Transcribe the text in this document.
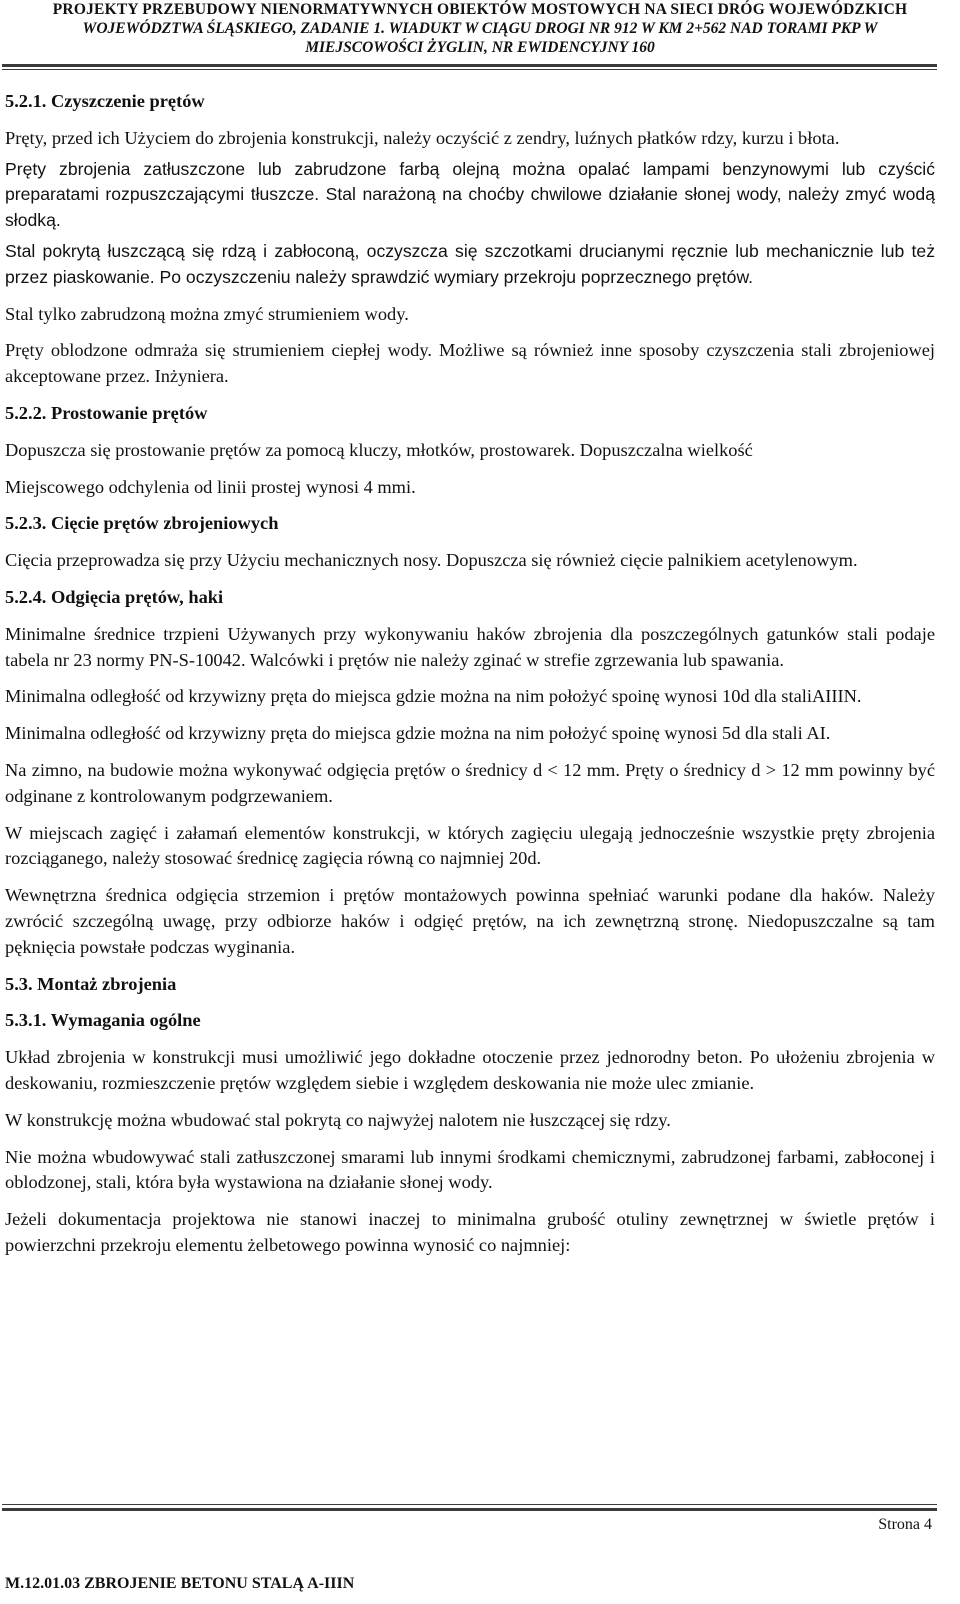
PROJEKTY PRZEBUDOWY NIENORMATYWNYCH OBIEKTÓW MOSTOWYCH NA SIECI DRÓG WOJEWÓDZKICH
WOJEWÓDZTWA ŚLĄSKIEGO, ZADANIE 1. WIADUKT W CIĄGU DROGI NR 912 W KM 2+562 NAD TORAMI PKP W
MIEJSCOWOŚCI ŻYGLIN, NR EWIDENCYJNY 160
5.2.1. Czyszczenie prętów

Pręty, przed ich Użyciem do zbrojenia konstrukcji, należy oczyścić z zendry, luźnych płatków rdzy, kurzu i błota.

Pręty zbrojenia zatłuszczone lub zabrudzone farbą olejną można opalać lampami benzynowymi lub czyścić preparatami rozpuszczającymi tłuszcze. Stal narażoną na choćby chwilowe działanie słonej wody, należy zmyć wodą słodką.

Stal pokrytą łuszczącą się rdzą i zabłoconą, oczyszcza się szczotkami drucianymi ręcznie lub mechanicznie lub też przez piaskowanie. Po oczyszczeniu należy sprawdzić wymiary przekroju poprzecznego prętów.

Stal tylko zabrudzoną można zmyć strumieniem wody.

Pręty oblodzone odmraża się strumieniem ciepłej wody. Możliwe są również inne sposoby czyszczenia stali zbrojeniowej akceptowane przez. Inżyniera.

5.2.2. Prostowanie prętów

Dopuszcza się prostowanie prętów za pomocą kluczy, młotków, prostowarek. Dopuszczalna wielkość

Miejscowego odchylenia od linii prostej wynosi 4 mmi.

5.2.3. Cięcie prętów zbrojeniowych

Cięcia przeprowadza się przy Użyciu mechanicznych nosy. Dopuszcza się również cięcie palnikiem acetylenowym.

5.2.4. Odgięcia prętów, haki

Minimalne średnice trzpieni Używanych przy wykonywaniu haków zbrojenia dla poszczególnych gatunków stali podaje tabela nr 23 normy PN-S-10042. Walcówki i prętów nie należy zginać w strefie zgrzewania lub spawania.

Minimalna odległość od krzywizny pręta do miejsca gdzie można na nim położyć spoinę wynosi 10d dla staliAIIIN.

Minimalna odległość od krzywizny pręta do miejsca gdzie można na nim położyć spoinę wynosi 5d dla stali AI.

Na zimno, na budowie można wykonywać odgięcia prętów o średnicy d < 12 mm. Pręty o średnicy d > 12 mm powinny być odginane z kontrolowanym podgrzewaniem.

W miejscach zagięć i załamań elementów konstrukcji, w których zagięciu ulegają jednocześnie wszystkie pręty zbrojenia rozciąganego, należy stosować średnicę zagięcia równą co najmniej 20d.

Wewnętrzna średnica odgięcia strzemion i prętów montażowych powinna spełniać warunki podane dla haków. Należy zwrócić szczególną uwagę, przy odbiorze haków i odgięć prętów, na ich zewnętrzną stronę. Niedopuszczalne są tam pęknięcia powstałe podczas wyginania.

5.3. Montaż zbrojenia
5.3.1. Wymagania ogólne

Układ zbrojenia w konstrukcji musi umożliwić jego dokładne otoczenie przez jednorodny beton. Po ułożeniu zbrojenia w deskowaniu, rozmieszczenie prętów względem siebie i względem deskowania nie może ulec zmianie.

W konstrukcję można wbudować stal pokrytą co najwyżej nalotem nie łuszczącej się rdzy.

Nie można wbudowywać stali zatłuszczonej smarami lub innymi środkami chemicznymi, zabrudzonej farbami, zabłoconej i oblodzonej, stali, która była wystawiona na działanie słonej wody.

Jeżeli dokumentacja projektowa nie stanowi inaczej to minimalna grubość otuliny zewnętrznej w świetle prętów i powierzchni przekroju elementu żelbetowego powinna wynosić co najmniej:

Strona 4
M.12.01.03 ZBROJENIE BETONU STALĄ A-IIIN
